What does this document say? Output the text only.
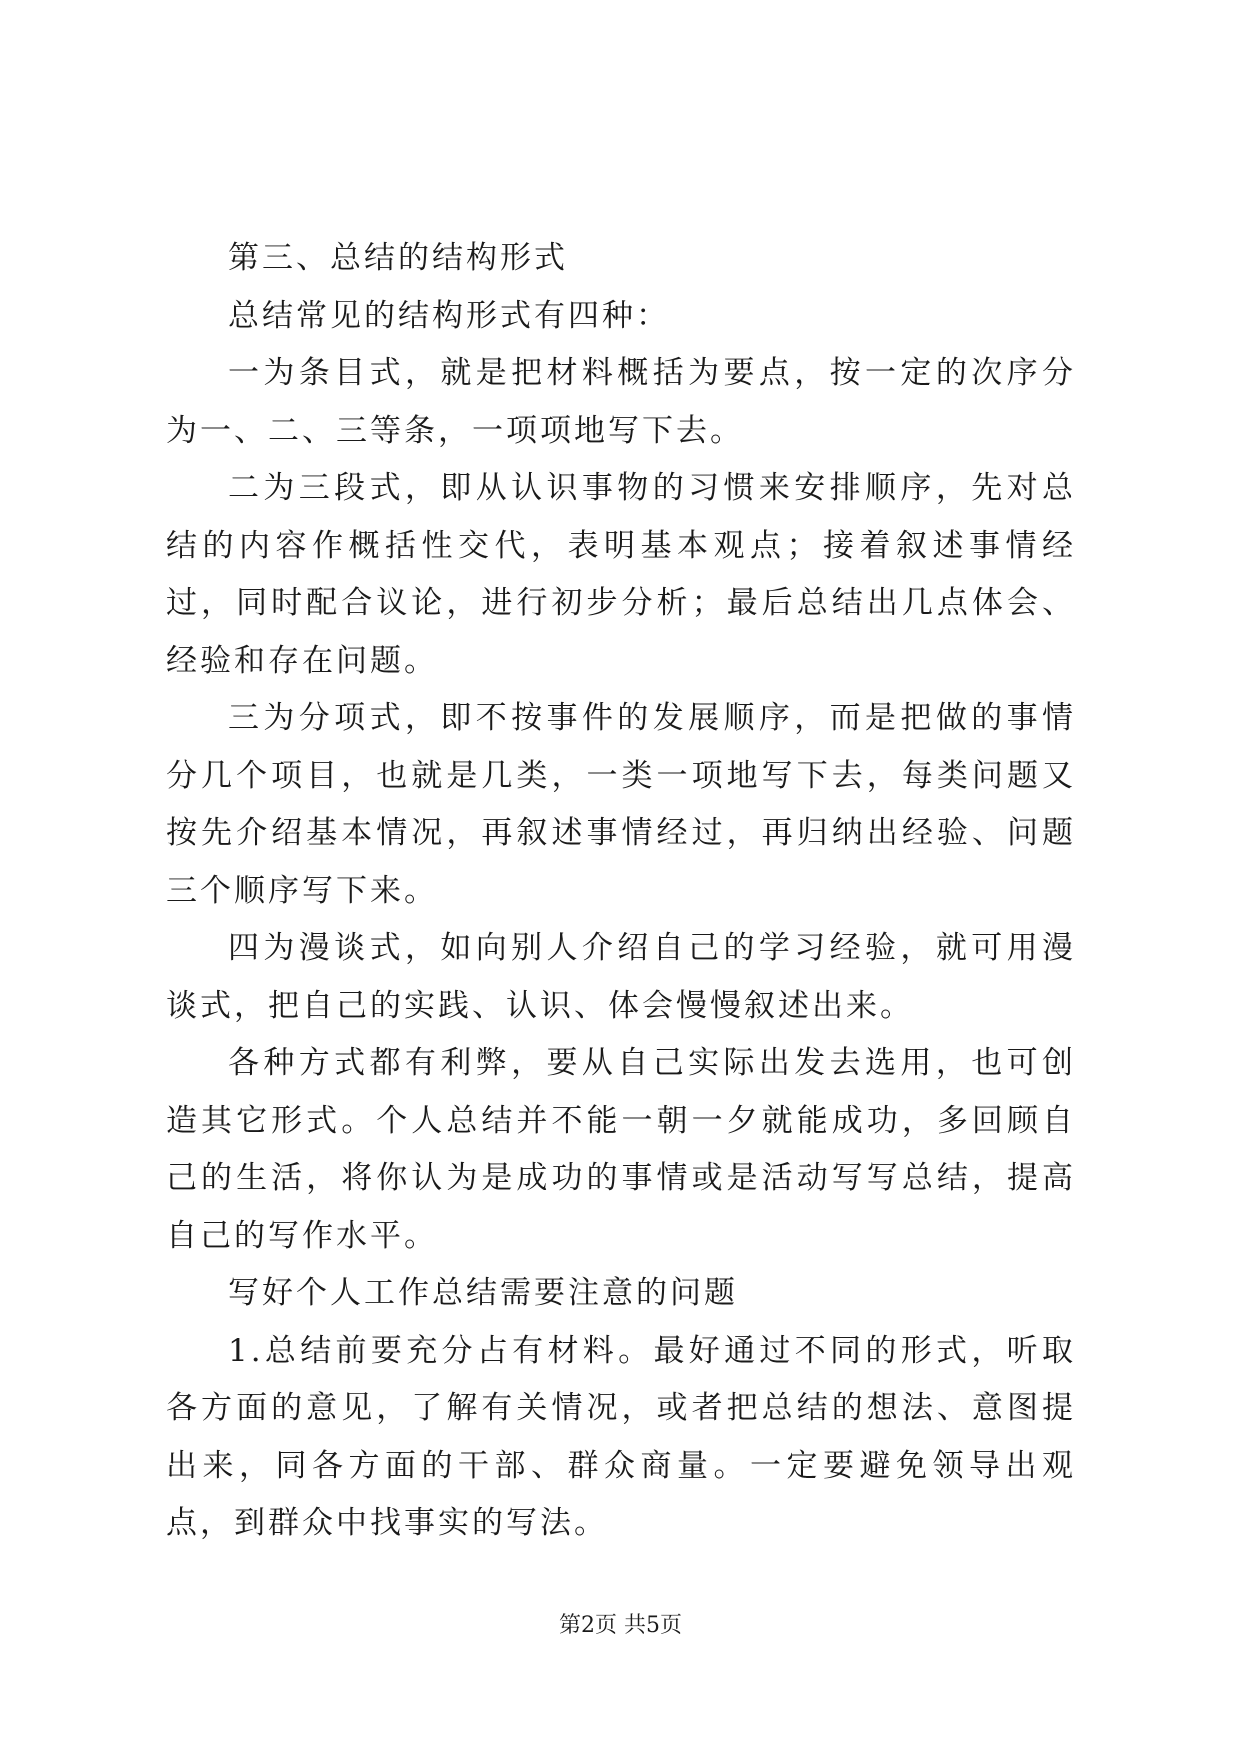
第三、总结的结构形式

总结常见的结构形式有四种：

一为条目式，就是把材料概括为要点，按一定的次序分为一、二、三等条，一项项地写下去。

二为三段式，即从认识事物的习惯来安排顺序，先对总结的内容作概括性交代，表明基本观点；接着叙述事情经过，同时配合议论，进行初步分析；最后总结出几点体会、经验和存在问题。

三为分项式，即不按事件的发展顺序，而是把做的事情分几个项目，也就是几类，一类一项地写下去，每类问题又按先介绍基本情况，再叙述事情经过，再归纳出经验、问题三个顺序写下来。

四为漫谈式，如向别人介绍自己的学习经验，就可用漫谈式，把自己的实践、认识、体会慢慢叙述出来。

各种方式都有利弊，要从自己实际出发去选用，也可创造其它形式。个人总结并不能一朝一夕就能成功，多回顾自己的生活，将你认为是成功的事情或是活动写写总结，提高自己的写作水平。

写好个人工作总结需要注意的问题

1.总结前要充分占有材料。最好通过不同的形式，听取各方面的意见，了解有关情况，或者把总结的想法、意图提出来，同各方面的干部、群众商量。一定要避免领导出观点，到群众中找事实的写法。

第2页 共5页
